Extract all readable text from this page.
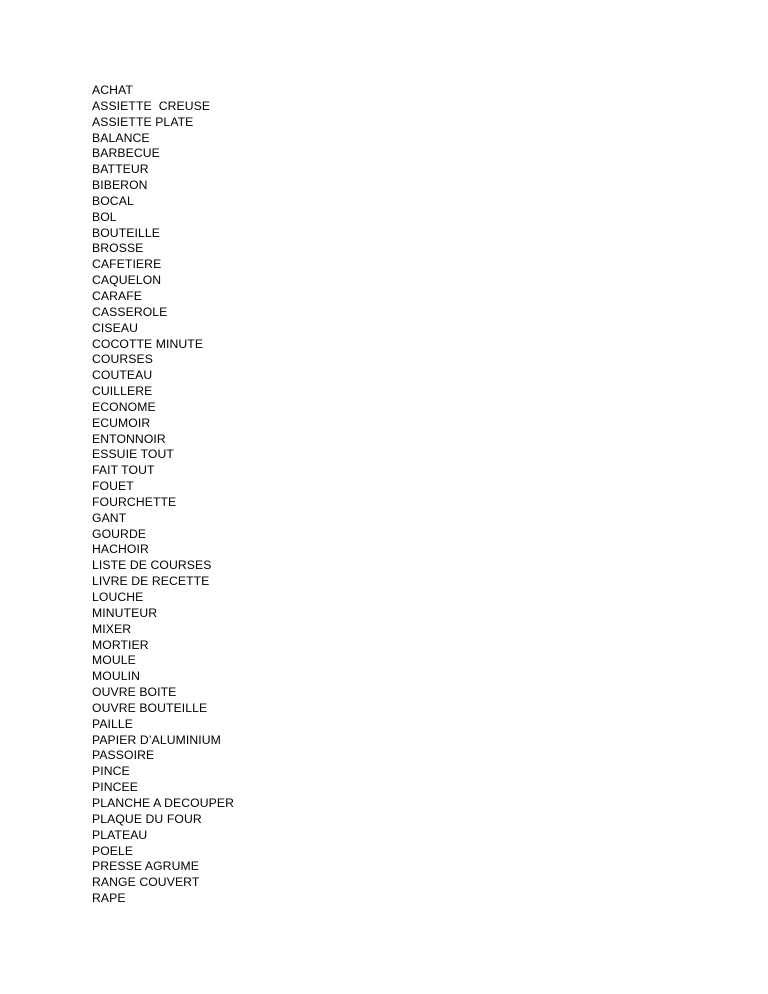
ACHAT
ASSIETTE  CREUSE
ASSIETTE PLATE
BALANCE
BARBECUE
BATTEUR
BIBERON
BOCAL
BOL
BOUTEILLE
BROSSE
CAFETIERE
CAQUELON
CARAFE
CASSEROLE
CISEAU
COCOTTE MINUTE
COURSES
COUTEAU
CUILLERE
ECONOME
ECUMOIR
ENTONNOIR
ESSUIE TOUT
FAIT TOUT
FOUET
FOURCHETTE
GANT
GOURDE
HACHOIR
LISTE DE COURSES
LIVRE DE RECETTE
LOUCHE
MINUTEUR
MIXER
MORTIER
MOULE
MOULIN
OUVRE BOITE
OUVRE BOUTEILLE
PAILLE
PAPIER D’ALUMINIUM
PASSOIRE
PINCE
PINCEE
PLANCHE A DECOUPER
PLAQUE DU FOUR
PLATEAU
POELE
PRESSE AGRUME
RANGE COUVERT
RAPE
